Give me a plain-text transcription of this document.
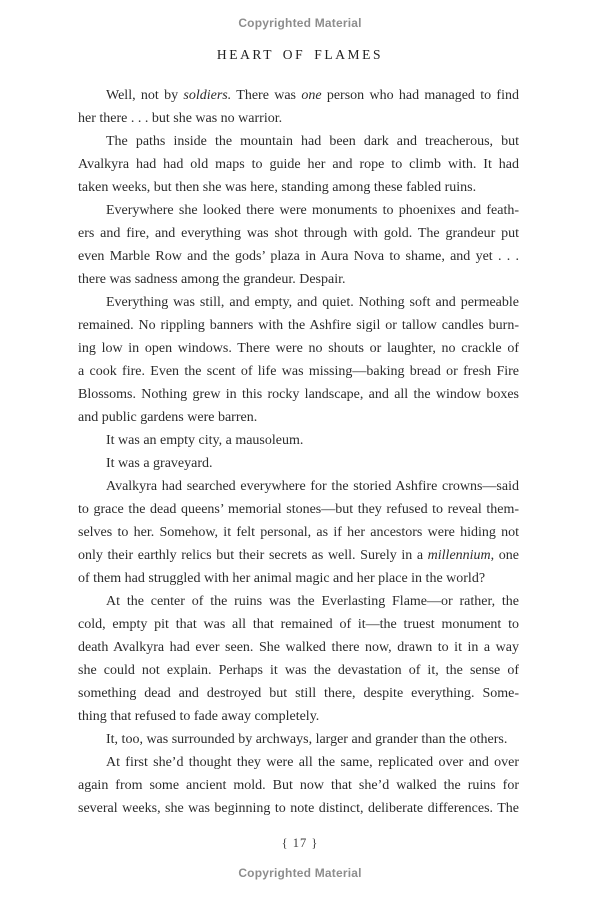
Copyrighted Material
HEART OF FLAMES
Well, not by soldiers. There was one person who had managed to find
her there . . . but she was no warrior.
The paths inside the mountain had been dark and treacherous, but
Avalkyra had had old maps to guide her and rope to climb with. It had
taken weeks, but then she was here, standing among these fabled ruins.
Everywhere she looked there were monuments to phoenixes and feath-
ers and fire, and everything was shot through with gold. The grandeur put
even Marble Row and the gods’ plaza in Aura Nova to shame, and yet . . .
there was sadness among the grandeur. Despair.
Everything was still, and empty, and quiet. Nothing soft and permeable
remained. No rippling banners with the Ashfire sigil or tallow candles burn-
ing low in open windows. There were no shouts or laughter, no crackle of
a cook fire. Even the scent of life was missing—baking bread or fresh Fire
Blossoms. Nothing grew in this rocky landscape, and all the window boxes
and public gardens were barren.
It was an empty city, a mausoleum.
It was a graveyard.
Avalkyra had searched everywhere for the storied Ashfire crowns—said
to grace the dead queens’ memorial stones—but they refused to reveal them-
selves to her. Somehow, it felt personal, as if her ancestors were hiding not
only their earthly relics but their secrets as well. Surely in a millennium, one
of them had struggled with her animal magic and her place in the world?
At the center of the ruins was the Everlasting Flame—or rather, the
cold, empty pit that was all that remained of it—the truest monument to
death Avalkyra had ever seen. She walked there now, drawn to it in a way
she could not explain. Perhaps it was the devastation of it, the sense of
something dead and destroyed but still there, despite everything. Some-
thing that refused to fade away completely.
It, too, was surrounded by archways, larger and grander than the others.
At first she’d thought they were all the same, replicated over and over
again from some ancient mold. But now that she’d walked the ruins for
several weeks, she was beginning to note distinct, deliberate differences. The
{ 17 }
Copyrighted Material
